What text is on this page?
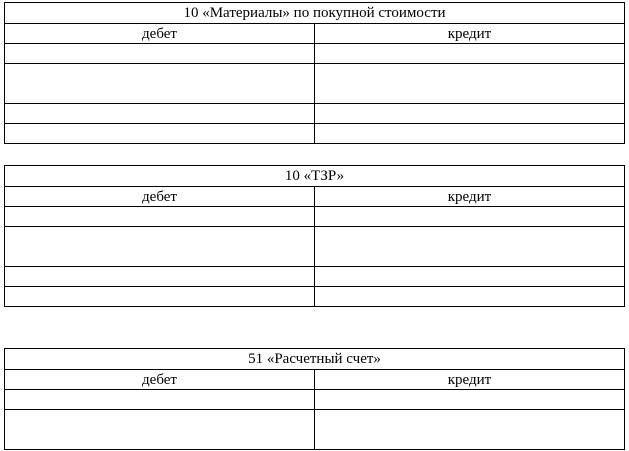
10 «Материалы» по покупной стоимости	
дебет	кредит

10 «ТЗР»	
дебет	кредит

51 «Расчетный счет»	
дебет	кредит
